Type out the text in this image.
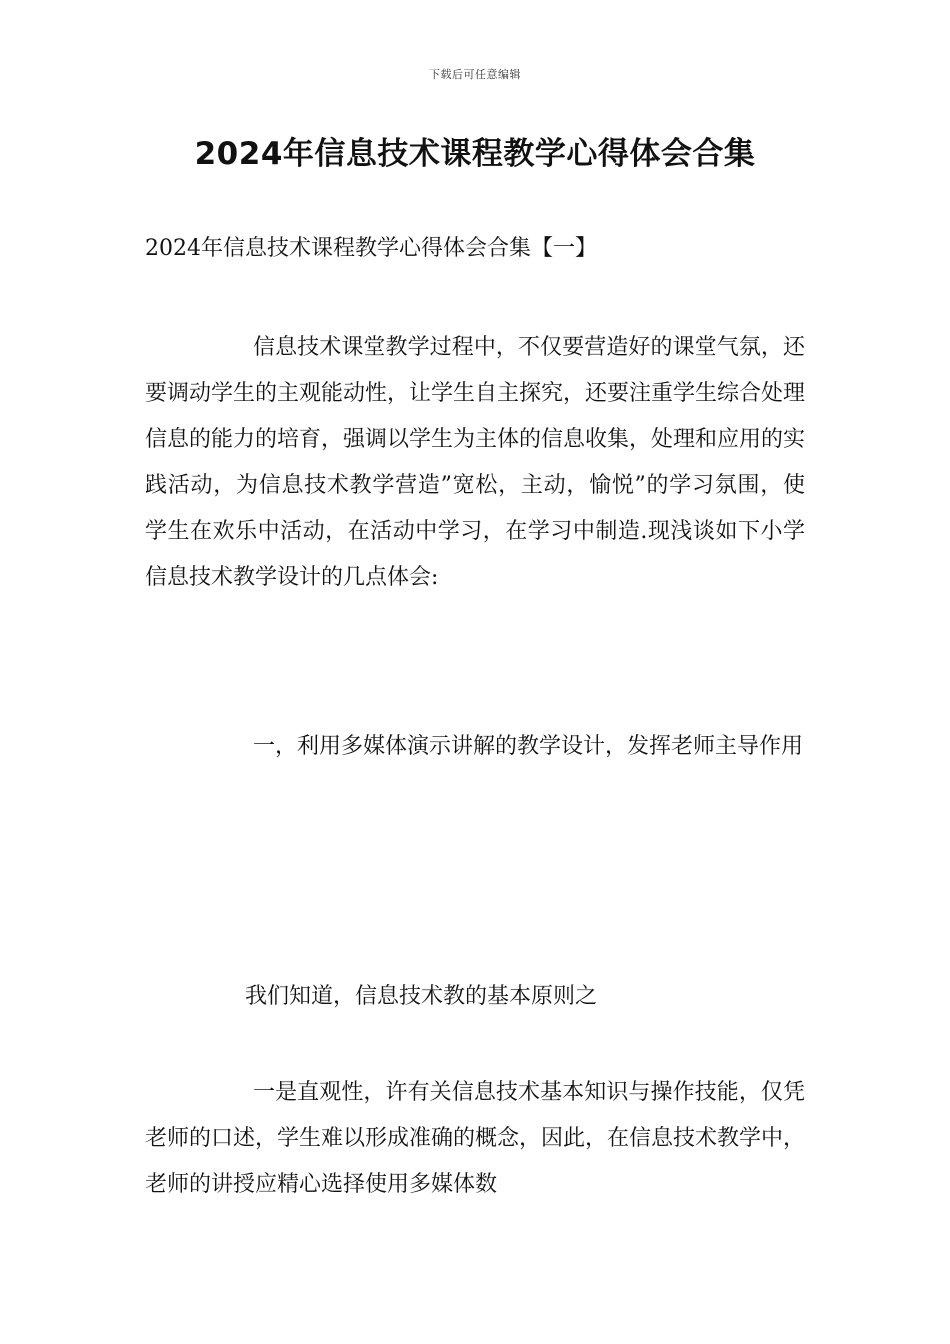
下载后可任意编辑
2024年信息技术课程教学心得体会合集
2024年信息技术课程教学心得体会合集【一】

信息技术课堂教学过程中，不仅要营造好的课堂气氛，还要调动学生的主观能动性，让学生自主探究，还要注重学生综合处理信息的能力的培育，强调以学生为主体的信息收集，处理和应用的实践活动，为信息技术教学营造”宽松，主动，愉悦”的学习氛围，使学生在欢乐中活动，在活动中学习，在学习中制造.现浅谈如下小学信息技术教学设计的几点体会:

一，利用多媒体演示讲解的教学设计，发挥老师主导作用

我们知道，信息技术教的基本原则之

一是直观性，许有关信息技术基本知识与操作技能，仅凭老师的口述，学生难以形成准确的概念，因此，在信息技术教学中，老师的讲授应精心选择使用多媒体数
